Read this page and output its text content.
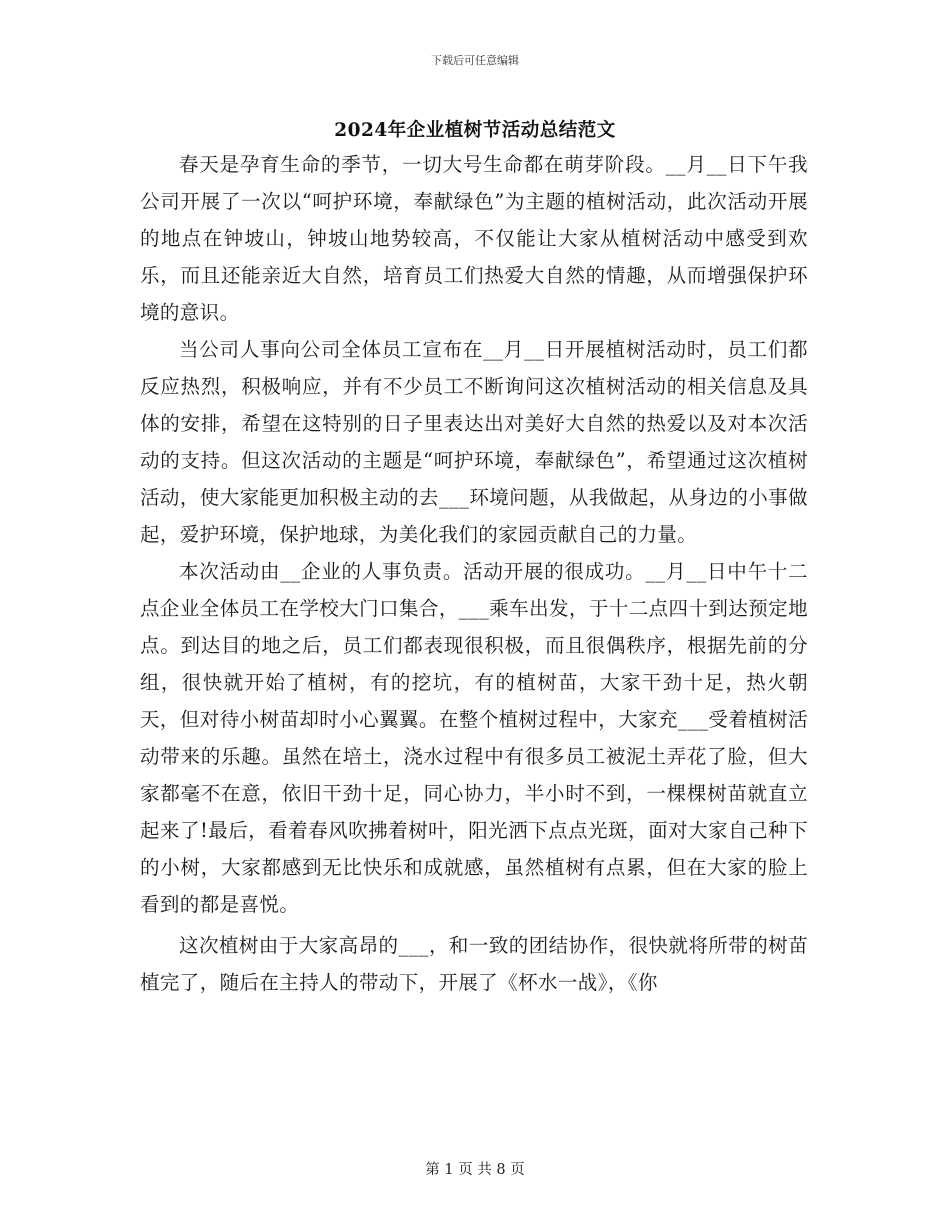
下载后可任意编辑
2024年企业植树节活动总结范文

春天是孕育生命的季节，一切大号生命都在萌芽阶段。__月__日下午我公司开展了一次以“呵护环境，奉献绿色”为主题的植树活动，此次活动开展的地点在钟坡山，钟坡山地势较高，不仅能让大家从植树活动中感受到欢乐，而且还能亲近大自然，培育员工们热爱大自然的情趣，从而增强保护环境的意识。

当公司人事向公司全体员工宣布在__月__日开展植树活动时，员工们都反应热烈，积极响应，并有不少员工不断询问这次植树活动的相关信息及具体的安排，希望在这特别的日子里表达出对美好大自然的热爱以及对本次活动的支持。但这次活动的主题是“呵护环境，奉献绿色”，希望通过这次植树活动，使大家能更加积极主动的去___环境问题，从我做起，从身边的小事做起，爱护环境，保护地球，为美化我们的家园贡献自己的力量。

本次活动由__企业的人事负责。活动开展的很成功。__月__日中午十二点企业全体员工在学校大门口集合，___乘车出发，于十二点四十到达预定地点。到达目的地之后，员工们都表现很积极，而且很偶秩序，根据先前的分组，很快就开始了植树，有的挖坑，有的植树苗，大家干劲十足，热火朝天，但对待小树苗却时小心翼翼。在整个植树过程中，大家充___受着植树活动带来的乐趣。虽然在培土，浇水过程中有很多员工被泥土弄花了脸，但大家都毫不在意，依旧干劲十足，同心协力，半小时不到，一棵棵树苗就直立起来了!最后，看着春风吹拂着树叶，阳光洒下点点光斑，面对大家自己种下的小树，大家都感到无比快乐和成就感，虽然植树有点累，但在大家的脸上看到的都是喜悦。

这次植树由于大家高昂的___，和一致的团结协作，很快就将所带的树苗植完了，随后在主持人的带动下，开展了《杯水一战》，《你

第 1 页 共 8 页
